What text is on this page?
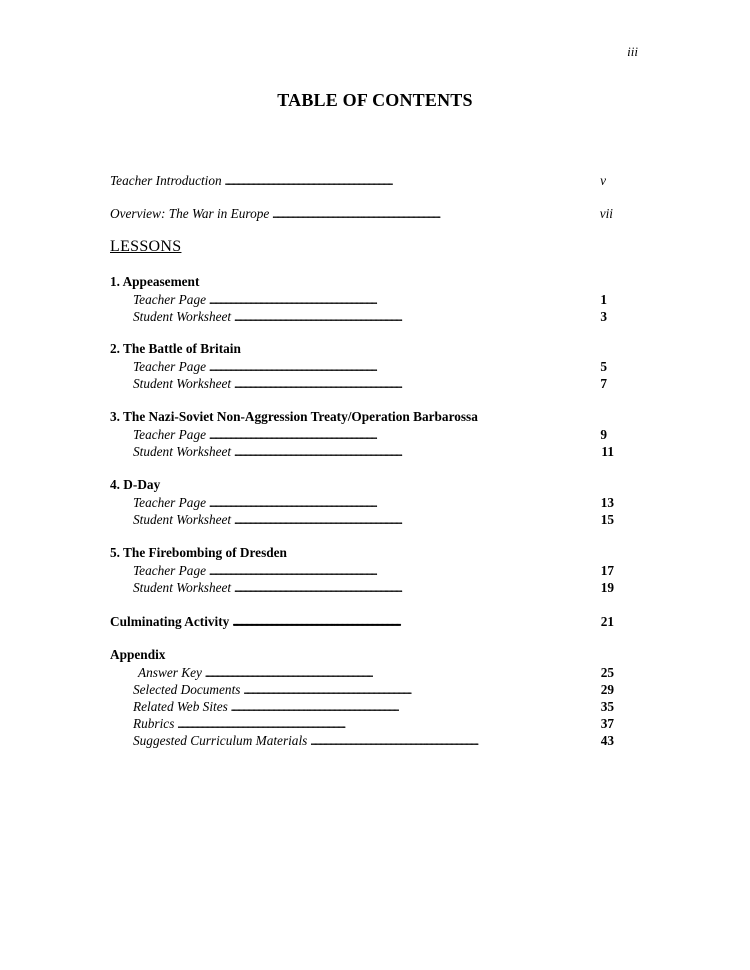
iii
TABLE OF CONTENTS
Teacher Introduction . . .	v
Overview: The War in Europe . . .	vii
LESSONS
1. Appeasement
Teacher Page . . .	1
Student Worksheet . . .	3
2. The Battle of Britain
Teacher Page . . .	5
Student Worksheet . . .	7
3. The Nazi-Soviet Non-Aggression Treaty/Operation Barbarossa
Teacher Page . . .	9
Student Worksheet . . .	11
4. D-Day
Teacher Page . . .	13
Student Worksheet . . .	15
5. The Firebombing of Dresden
Teacher Page . . .	17
Student Worksheet . . .	19
Culminating Activity . . .	21
Appendix
Answer Key . . .	25
Selected Documents . . .	29
Related Web Sites . . .	35
Rubrics . . .	37
Suggested Curriculum Materials . . .	43
